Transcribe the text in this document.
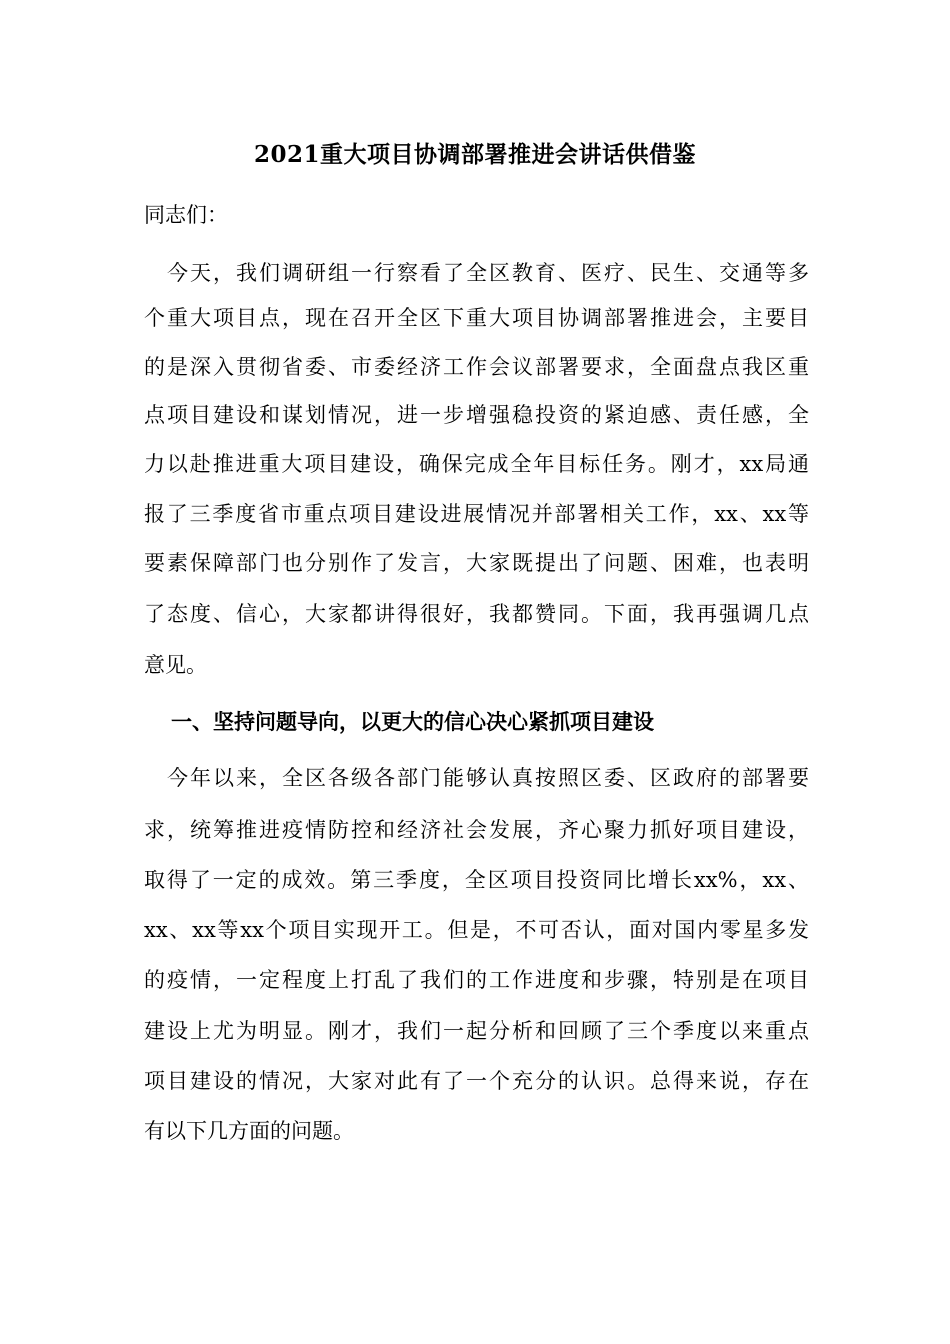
2021重大项目协调部署推进会讲话供借鉴
同志们：
　今天，我们调研组一行察看了全区教育、医疗、民生、交通等多
个重大项目点，现在召开全区下重大项目协调部署推进会，主要目
的是深入贯彻省委、市委经济工作会议部署要求，全面盘点我区重
点项目建设和谋划情况，进一步增强稳投资的紧迫感、责任感，全
力以赴推进重大项目建设，确保完成全年目标任务。刚才，xx局通
报了三季度省市重点项目建设进展情况并部署相关工作，xx、xx等
要素保障部门也分别作了发言，大家既提出了问题、困难，也表明
了态度、信心，大家都讲得很好，我都赞同。下面，我再强调几点
意见。
一、坚持问题导向，以更大的信心决心紧抓项目建设
　今年以来，全区各级各部门能够认真按照区委、区政府的部署要
求，统筹推进疫情防控和经济社会发展，齐心聚力抓好项目建设，
取得了一定的成效。第三季度，全区项目投资同比增长xx%，xx、
xx、xx等xx个项目实现开工。但是，不可否认，面对国内零星多发
的疫情，一定程度上打乱了我们的工作进度和步骤，特别是在项目
建设上尤为明显。刚才，我们一起分析和回顾了三个季度以来重点
项目建设的情况，大家对此有了一个充分的认识。总得来说，存在
有以下几方面的问题。
